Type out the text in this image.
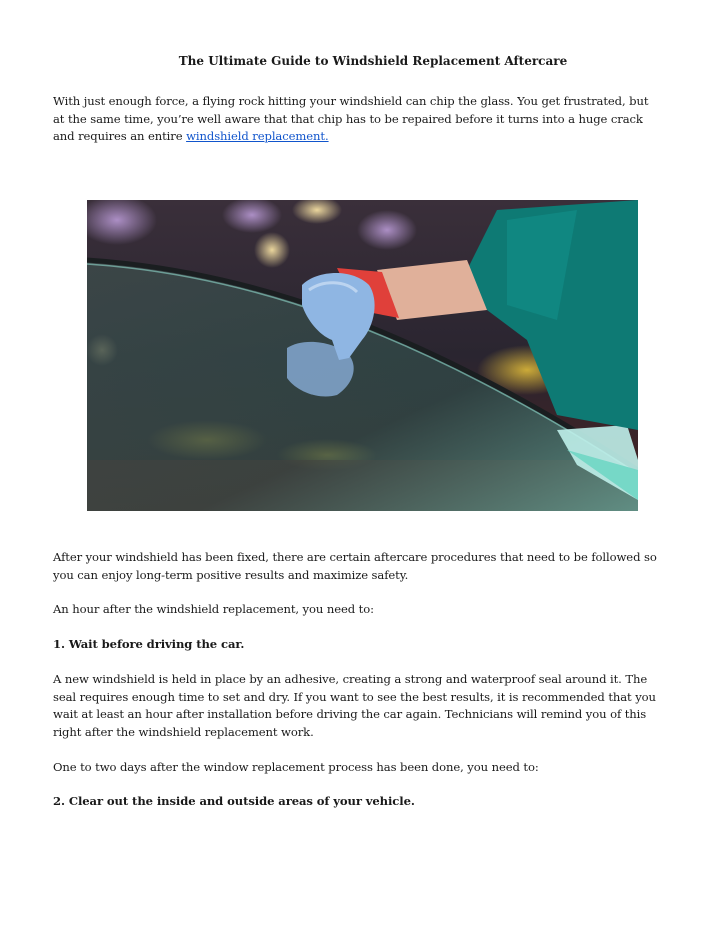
The Ultimate Guide to Windshield Replacement Aftercare

With just enough force, a flying rock hitting your windshield can chip the glass. You get frustrated, but at the same time, you’re well aware that that chip has to be repaired before it turns into a huge crack and requires an entire windshield replacement.

After your windshield has been fixed, there are certain aftercare procedures that need to be followed so you can enjoy long-term positive results and maximize safety.

An hour after the windshield replacement, you need to:

1. Wait before driving the car.

A new windshield is held in place by an adhesive, creating a strong and waterproof seal around it. The seal requires enough time to set and dry. If you want to see the best results, it is recommended that you wait at least an hour after installation before driving the car again. Technicians will remind you of this right after the windshield replacement work.

One to two days after the window replacement process has been done, you need to:

2. Clear out the inside and outside areas of your vehicle.
